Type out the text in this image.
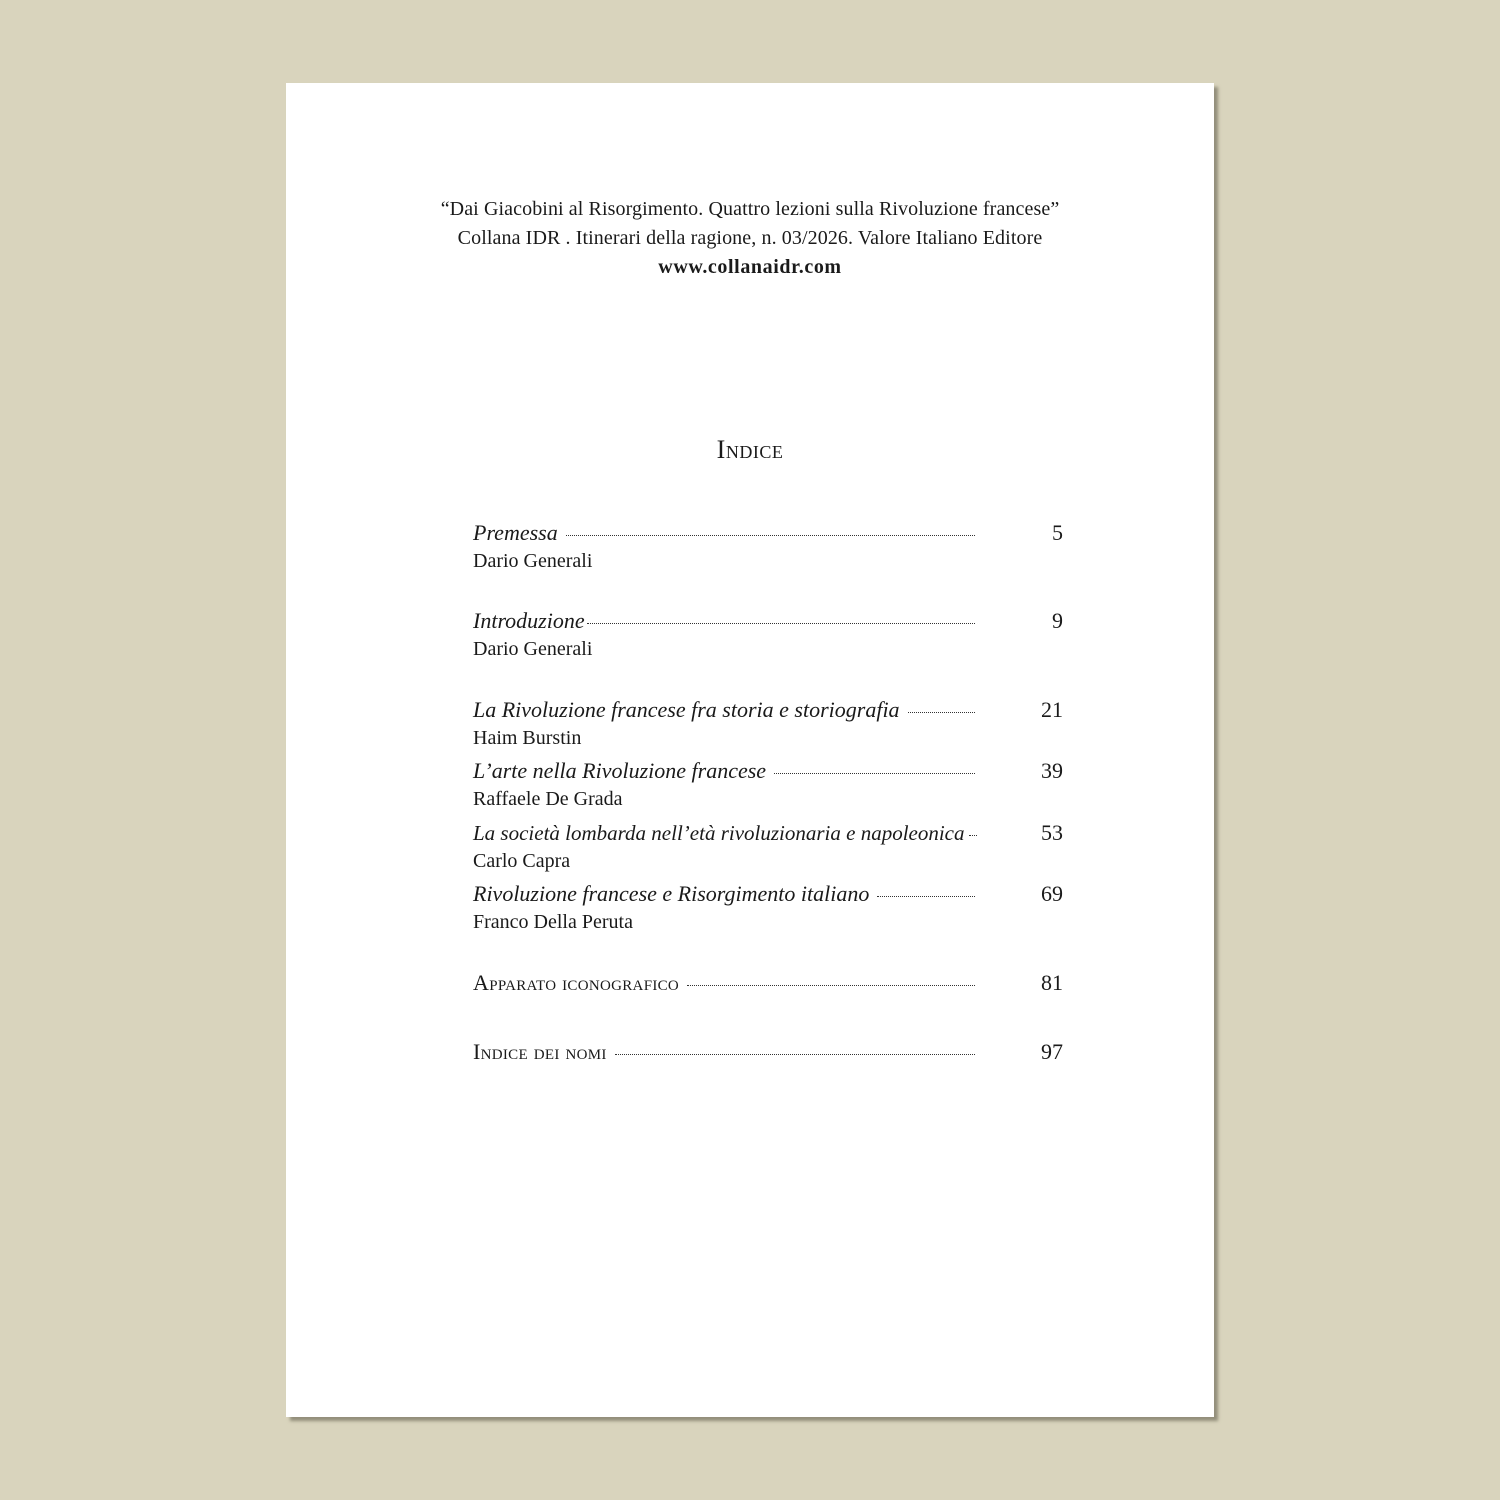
“Dai Giacobini al Risorgimento. Quattro lezioni sulla Rivoluzione francese”
Collana IDR . Itinerari della ragione, n. 03/2026. Valore Italiano Editore
www.collanaidr.com
Indice
Premessa	5
Dario Generali
Introduzione	9
Dario Generali
La Rivoluzione francese fra storia e storiografia	21
Haim Burstin
L’arte nella Rivoluzione francese	39
Raffaele De Grada
La società lombarda nell’età rivoluzionaria e napoleonica	53
Carlo Capra
Rivoluzione francese e Risorgimento italiano	69
Franco Della Peruta
Apparato iconografico	81
Indice dei nomi	97
